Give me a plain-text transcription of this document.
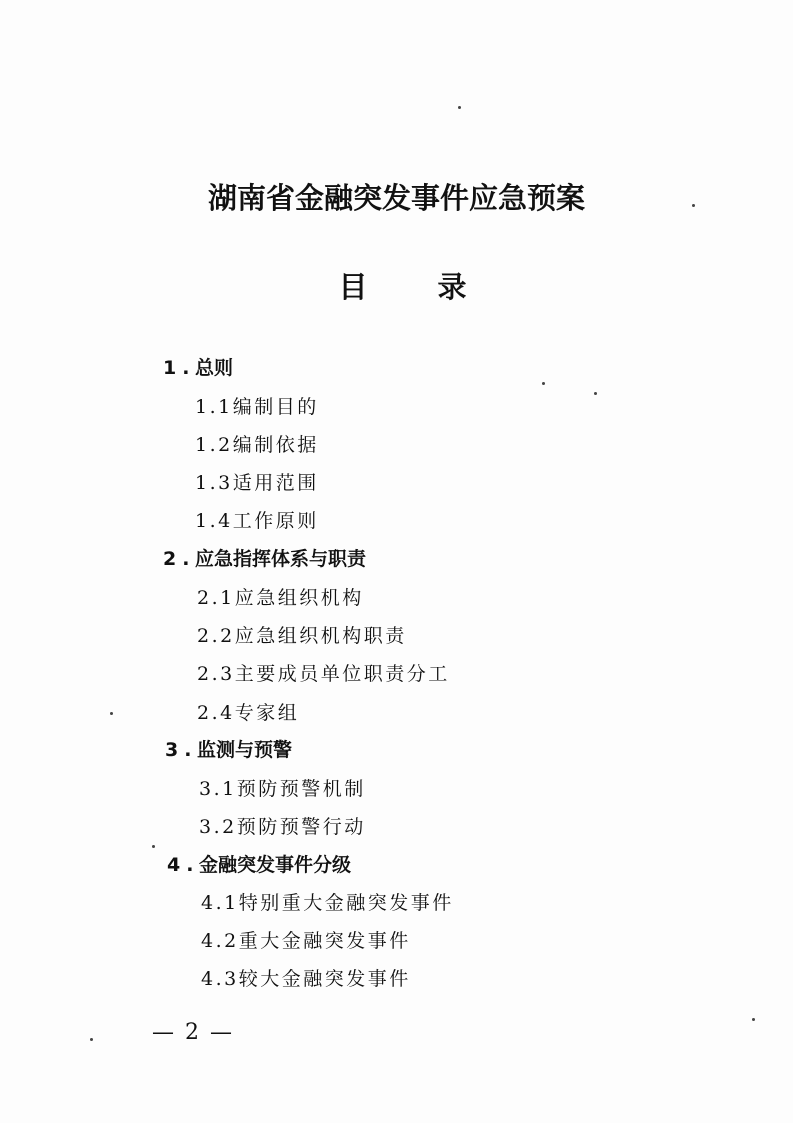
湖南省金融突发事件应急预案
目 录
1.总则
1.1编制目的
1.2编制依据
1.3适用范围
1.4工作原则
2.应急指挥体系与职责
2.1应急组织机构
2.2应急组织机构职责
2.3主要成员单位职责分工
2.4专家组
3.监测与预警
3.1预防预警机制
3.2预防预警行动
4.金融突发事件分级
4.1特别重大金融突发事件
4.2重大金融突发事件
4.3较大金融突发事件
— 2 —
